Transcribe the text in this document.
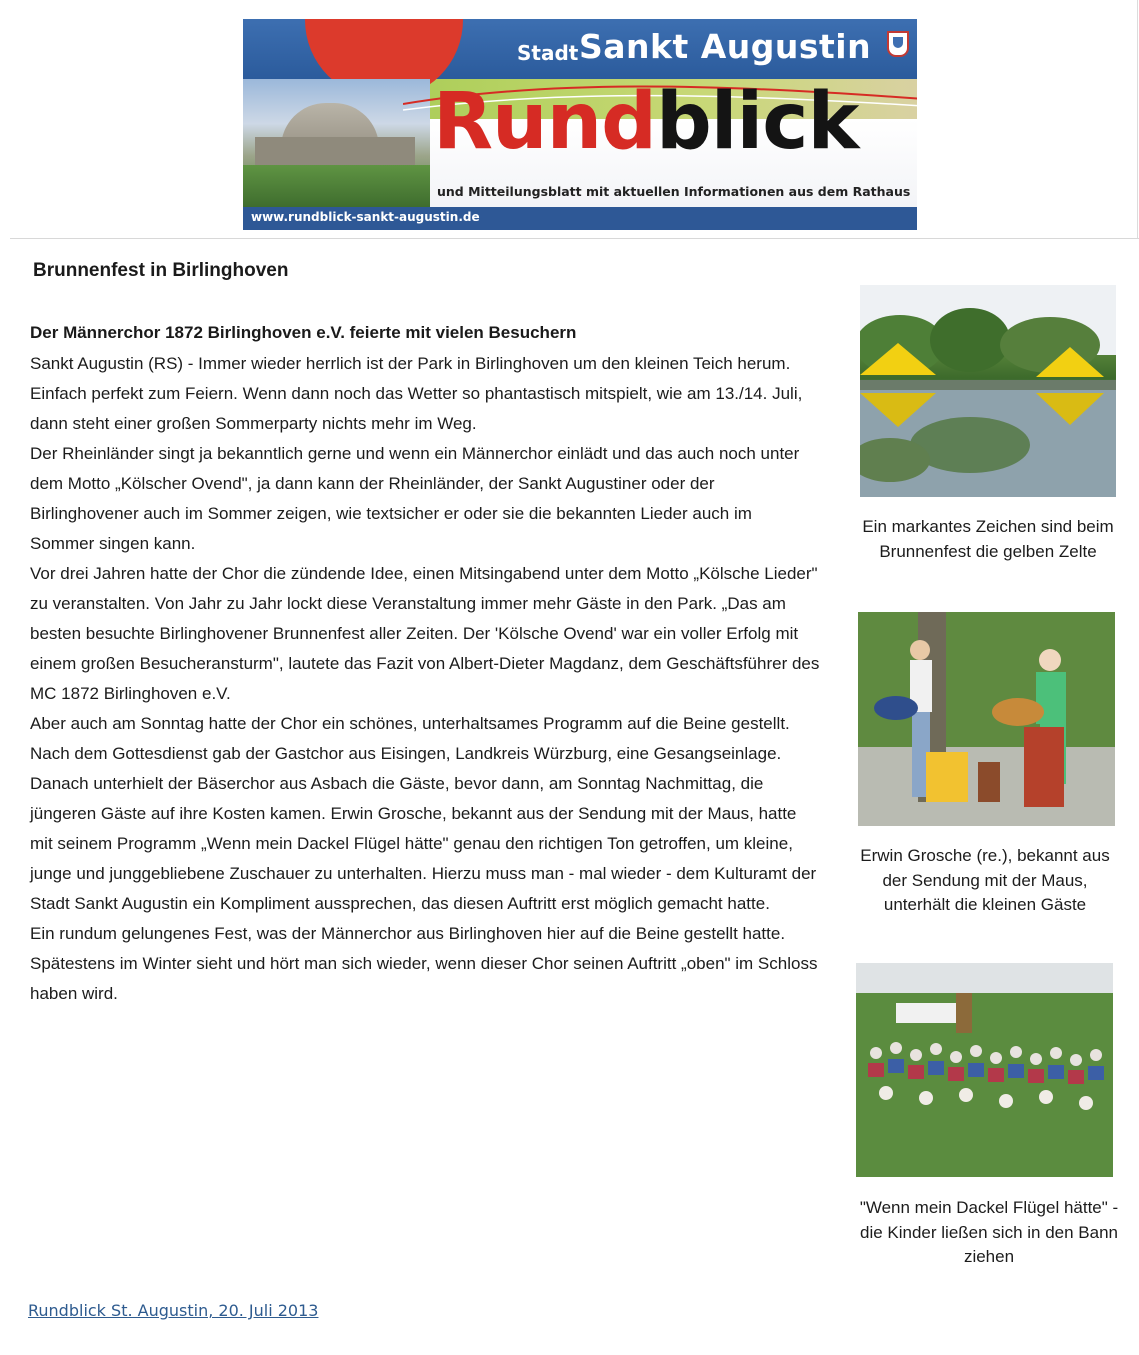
Stadt Sankt Augustin
Rundblick
und Mitteilungsblatt mit aktuellen Informationen aus dem Rathaus
www.rundblick-sankt-augustin.de
Brunnenfest in Birlinghoven
Der Männerchor 1872 Birlinghoven e.V. feierte mit vielen Besuchern

Sankt Augustin (RS) - Immer wieder herrlich ist der Park in Birlinghoven um den kleinen Teich herum. Einfach perfekt zum Feiern. Wenn dann noch das Wetter so phantastisch mitspielt, wie am 13./14. Juli, dann steht einer großen Sommerparty nichts mehr im Weg.

Der Rheinländer singt ja bekanntlich gerne und wenn ein Männerchor einlädt und das auch noch unter dem Motto „Kölscher Ovend", ja dann kann der Rheinländer, der Sankt Augustiner oder der Birlinghovener auch im Sommer zeigen, wie textsicher er oder sie die bekannten Lieder auch im Sommer singen kann.

Vor drei Jahren hatte der Chor die zündende Idee, einen Mitsingabend unter dem Motto „Kölsche Lieder" zu veranstalten. Von Jahr zu Jahr lockt diese Veranstaltung immer mehr Gäste in den Park. „Das am besten besuchte Birlinghovener Brunnenfest aller Zeiten. Der 'Kölsche Ovend' war ein voller Erfolg mit einem großen Besucheransturm", lautete das Fazit von Albert-Dieter Magdanz, dem Geschäftsführer des MC 1872 Birlinghoven e.V.

Aber auch am Sonntag hatte der Chor ein schönes, unterhaltsames Programm auf die Beine gestellt. Nach dem Gottesdienst gab der Gastchor aus Eisingen, Landkreis Würzburg, eine Gesangseinlage. Danach unterhielt der Bäserchor aus Asbach die Gäste, bevor dann, am Sonntag Nachmittag, die jüngeren Gäste auf ihre Kosten kamen. Erwin Grosche, bekannt aus der Sendung mit der Maus, hatte mit seinem Programm „Wenn mein Dackel Flügel hätte" genau den richtigen Ton getroffen, um kleine, junge und junggebliebene Zuschauer zu unterhalten. Hierzu muss man - mal wieder - dem Kulturamt der Stadt Sankt Augustin ein Kompliment aussprechen, das diesen Auftritt erst möglich gemacht hatte.

Ein rundum gelungenes Fest, was der Männerchor aus Birlinghoven hier auf die Beine gestellt hatte. Spätestens im Winter sieht und hört man sich wieder, wenn dieser Chor seinen Auftritt „oben" im Schloss haben wird.

Ein markantes Zeichen sind beim Brunnenfest die gelben Zelte
Erwin Grosche (re.), bekannt aus der Sendung mit der Maus, unterhält die kleinen Gäste
"Wenn mein Dackel Flügel hätte" - die Kinder ließen sich in den Bann ziehen
Rundblick St. Augustin, 20. Juli 2013
